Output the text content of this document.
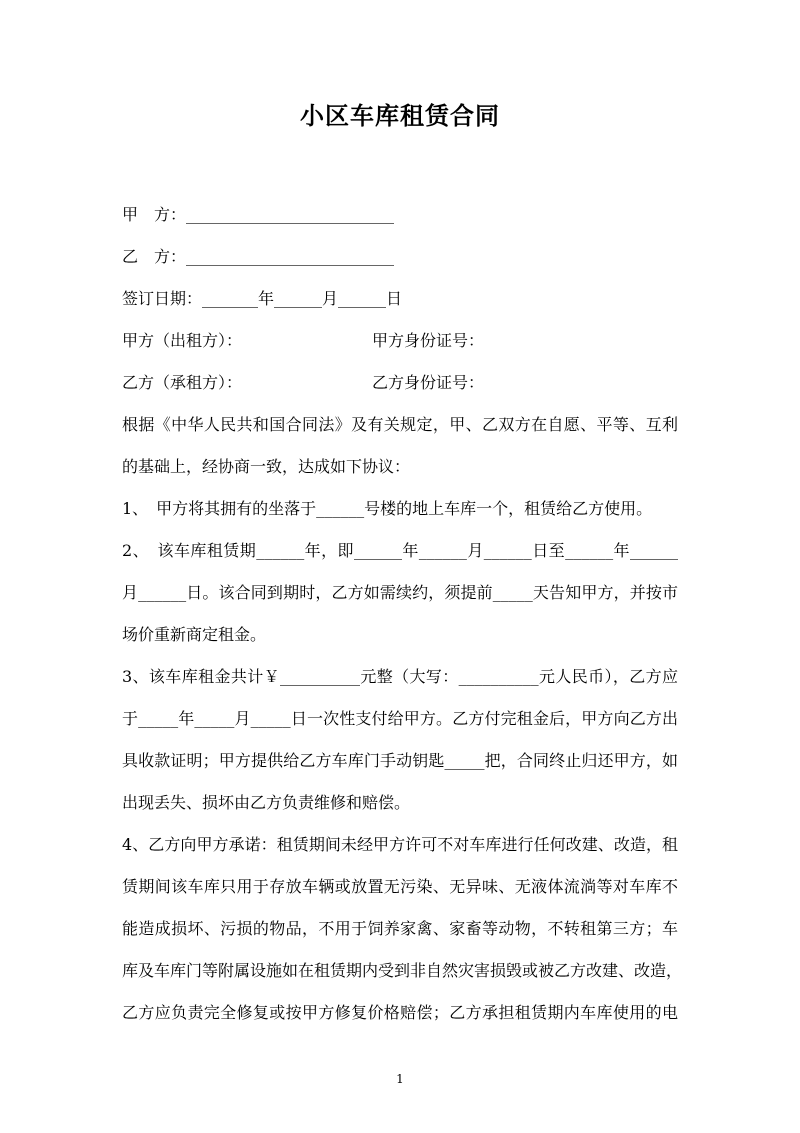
小区车库租赁合同
甲　方：__________________________
乙　方：__________________________
签订日期：_______年______月______日
甲方（出租方）：	甲方身份证号：
乙方（承租方）：	乙方身份证号：
根据《中华人民共和国合同法》及有关规定，甲、乙双方在自愿、平等、互利
的基础上，经协商一致，达成如下协议：
1、　甲方将其拥有的坐落于______号楼的地上车库一个，租赁给乙方使用。
2、　该车库租赁期______年，即______年______月______日至______年______
月______日。该合同到期时，乙方如需续约，须提前_____天告知甲方，并按市
场价重新商定租金。
3、该车库租金共计￥__________元整（大写：__________元人民币），乙方应
于_____年_____月_____日一次性支付给甲方。乙方付完租金后，甲方向乙方出
具收款证明；甲方提供给乙方车库门手动钥匙_____把，合同终止归还甲方，如
出现丢失、损坏由乙方负责维修和赔偿。
4、乙方向甲方承诺：租赁期间未经甲方许可不对车库进行任何改建、改造，租
赁期间该车库只用于存放车辆或放置无污染、无异味、无液体流淌等对车库不
能造成损坏、污损的物品，不用于饲养家禽、家畜等动物，不转租第三方；车
库及车库门等附属设施如在租赁期内受到非自然灾害损毁或被乙方改建、改造，
乙方应负责完全修复或按甲方修复价格赔偿；乙方承担租赁期内车库使用的电
1
